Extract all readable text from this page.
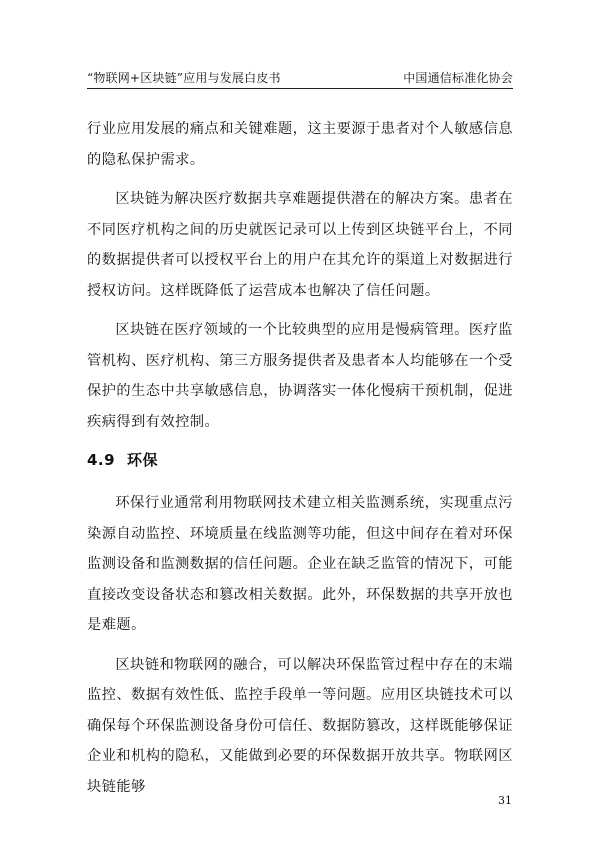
“物联网+区块链”应用与发展白皮书	中国通信标准化协会

行业应用发展的痛点和关键难题，这主要源于患者对个人敏感信息的隐私保护需求。

区块链为解决医疗数据共享难题提供潜在的解决方案。患者在不同医疗机构之间的历史就医记录可以上传到区块链平台上，不同的数据提供者可以授权平台上的用户在其允许的渠道上对数据进行授权访问。这样既降低了运营成本也解决了信任问题。

区块链在医疗领域的一个比较典型的应用是慢病管理。医疗监管机构、医疗机构、第三方服务提供者及患者本人均能够在一个受保护的生态中共享敏感信息，协调落实一体化慢病干预机制，促进疾病得到有效控制。

4.9 环保

环保行业通常利用物联网技术建立相关监测系统，实现重点污染源自动监控、环境质量在线监测等功能，但这中间存在着对环保监测设备和监测数据的信任问题。企业在缺乏监管的情况下，可能直接改变设备状态和篡改相关数据。此外，环保数据的共享开放也是难题。

区块链和物联网的融合，可以解决环保监管过程中存在的末端监控、数据有效性低、监控手段单一等问题。应用区块链技术可以确保每个环保监测设备身份可信任、数据防篡改，这样既能够保证企业和机构的隐私，又能做到必要的环保数据开放共享。物联网区块链能够

31
